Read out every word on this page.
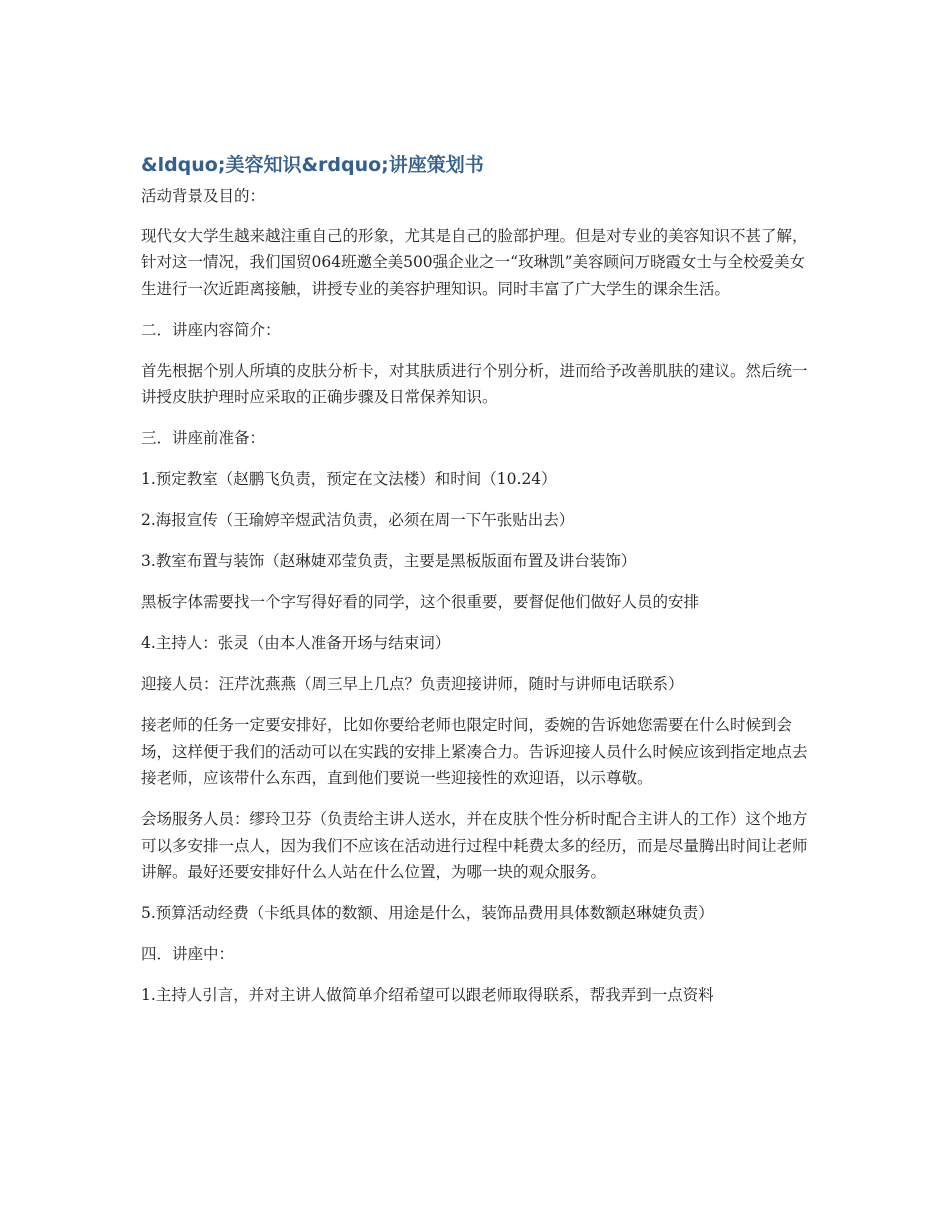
&ldquo;美容知识&rdquo;讲座策划书

活动背景及目的：

现代女大学生越来越注重自己的形象，尤其是自己的脸部护理。但是对专业的美容知识不甚了解，针对这一情况，我们国贸064班邀全美500强企业之一“玫琳凯”美容顾问万晓霞女士与全校爱美女生进行一次近距离接触，讲授专业的美容护理知识。同时丰富了广大学生的课余生活。

二．讲座内容简介：

首先根据个别人所填的皮肤分析卡，对其肤质进行个别分析，进而给予改善肌肤的建议。然后统一讲授皮肤护理时应采取的正确步骤及日常保养知识。

三．讲座前准备：

1.预定教室（赵鹏飞负责，预定在文法楼）和时间（10.24）

2.海报宣传（王瑜婷辛煜武洁负责，必须在周一下午张贴出去）

3.教室布置与装饰（赵琳婕邓莹负责，主要是黑板版面布置及讲台装饰）

黑板字体需要找一个字写得好看的同学，这个很重要，要督促他们做好人员的安排

4.主持人：张灵（由本人准备开场与结束词）

迎接人员：汪芹沈燕燕（周三早上几点？负责迎接讲师，随时与讲师电话联系）

接老师的任务一定要安排好，比如你要给老师也限定时间，委婉的告诉她您需要在什么时候到会场，这样便于我们的活动可以在实践的安排上紧凑合力。告诉迎接人员什么时候应该到指定地点去接老师，应该带什么东西，直到他们要说一些迎接性的欢迎语，以示尊敬。

会场服务人员：缪玲卫芬（负责给主讲人送水，并在皮肤个性分析时配合主讲人的工作）这个地方可以多安排一点人，因为我们不应该在活动进行过程中耗费太多的经历，而是尽量腾出时间让老师讲解。最好还要安排好什么人站在什么位置，为哪一块的观众服务。

5.预算活动经费（卡纸具体的数额、用途是什么，装饰品费用具体数额赵琳婕负责）

四．讲座中：

1.主持人引言，并对主讲人做简单介绍希望可以跟老师取得联系，帮我弄到一点资料
